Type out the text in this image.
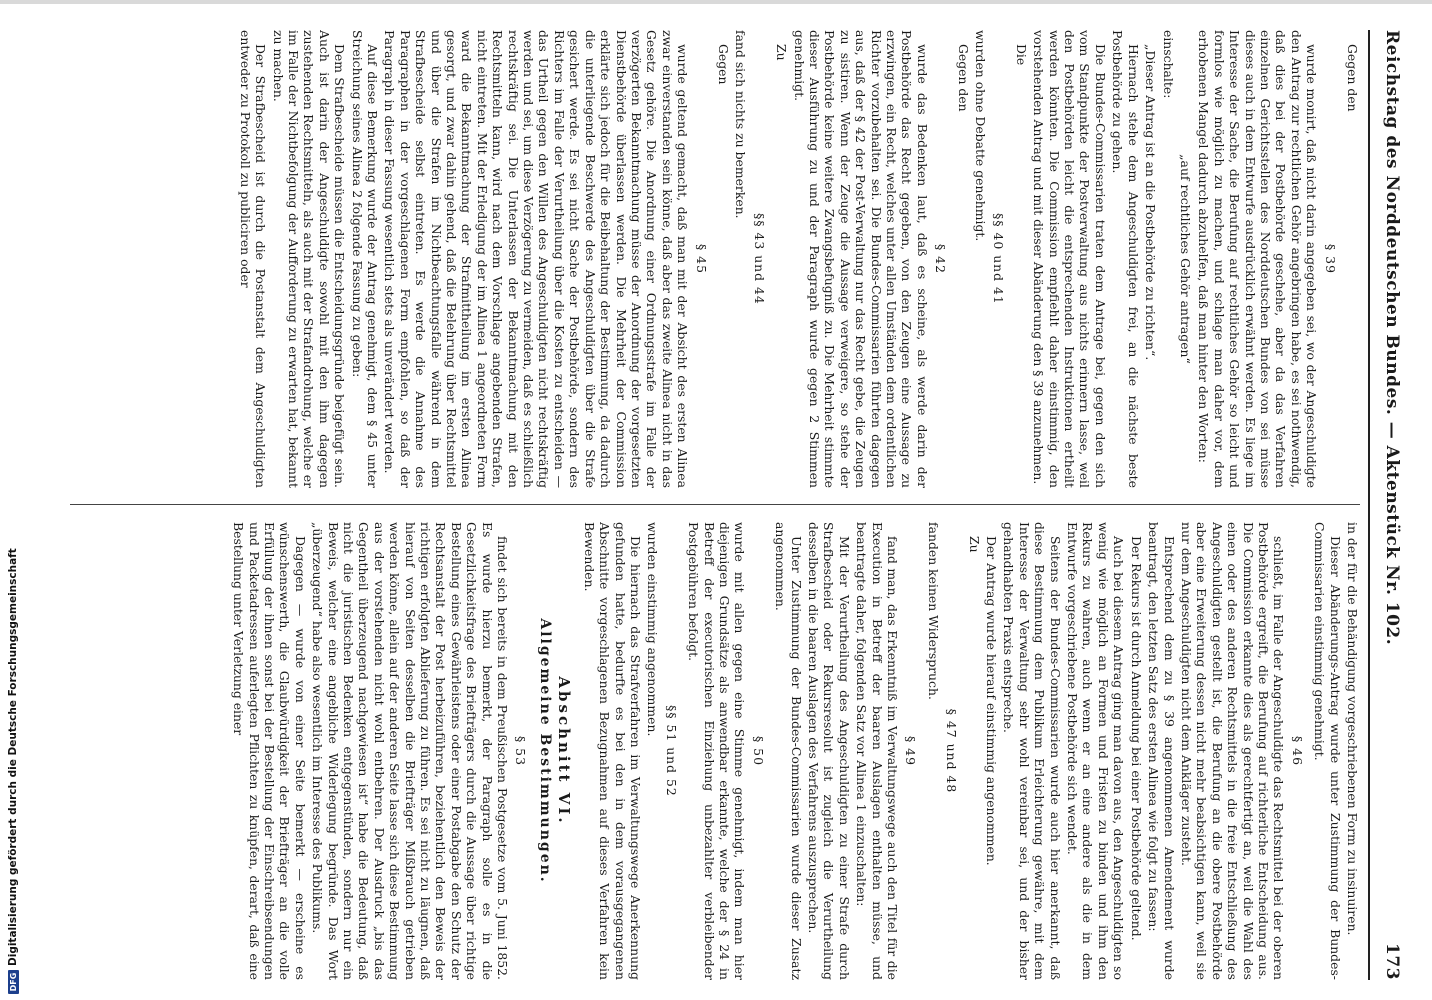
Reichstag des Norddeutschen Bundes. — Aktenstück Nr. 102.
173

Gegen den

§ 39

wurde monirt, daß nicht darin angegeben sei, wo der Angeschuldigte den Antrag zur rechtlichen Gehör angebringen habe, es sei nothwendig, daß dies bei der Postbehörde geschehe, aber da das Verfahren einzelnen Gerichtsstellen des Norddeutschen Bundes von sei müsse dieses auch in dem Entwurfe ausdrücklich erwähnt werden. Es liege im Interesse der Sache, die Berufung auf rechtliches Gehör so leicht und formlos wie möglich zu machen, und schlage man daher vor, dem erhobenen Mangel dadurch abzuhelfen, daß man hinter den Worten:

„auf rechtliches Gehör antragen“

einschalte:

„Dieser Antrag ist an die Postbehörde zu richten“.

Hiernach stehe dem Angeschuldigten frei, an die nächste beste Postbehörde zu gehen.

Die Bundes-Commissarien traten dem Antrage bei, gegen den sich vom Standpunkte der Postverwaltung aus nichts erinnern lasse, weil den Postbehörden leicht die entsprechenden Instruktionen ertheilt werden könnten. Die Commission empfiehlt daher einstimmig, den vorstehenden Antrag und mit dieser Abänderung den § 39 anzunehmen.

Die

§§ 40 und 41

wurden ohne Debatte genehmigt.

Gegen den

§ 42

wurde das Bedenken laut, daß es scheine, als werde darin der Postbehörde das Recht gegeben, von den Zeugen eine Aussage zu erzwingen, ein Recht, welches unter allen Umständen dem ordentlichen Richter vorzubehalten sei. Die Bundes-Commissarien führten dagegen aus, daß der § 42 der Post-Verwaltung nur das Recht gebe, die Zeugen zu sistiren. Wenn der Zeuge die Aussage verweigere, so stehe der Postbehörde keine weitere Zwangsbefugniß zu. Die Mehrheit stimmte dieser Ausführung zu und der Paragraph wurde gegen 2 Stimmen genehmigt.

Zu

§§ 43 und 44

fand sich nichts zu bemerken.

Gegen

§ 45

wurde geltend gemacht, daß man mit der Absicht des ersten Alinea zwar einverstanden sein könne, daß aber das zweite Alinea nicht in das Gesetz gehöre. Die Anordnung einer Ordnungsstrafe im Falle der verzögerten Bekanntmachung müsse der Anordnung der vorgesetzten Dienstbehörde überlassen werden. Die Mehrheit der Commission erklärte sich jedoch für die Beibehaltung der Bestimmung, da dadurch die unterliegende Beschwerde des Angeschuldigten über die Strafe gesichert werde. Es sei nicht Sache der Postbehörde, sondern des Richters im Falle der Verurtheilung über die Kosten zu entscheiden — das Urtheil gegen den Willen des Angeschuldigten nicht rechtskräftig werden und sei, um diese Verzögerung zu vermeiden, daß es schließlich rechtskräftig sei. Die Unterlassen der Bekanntmachung mit den Rechtsmitteln kann, wird nach dem Vorschlage angebenden Strafen, nicht eintreten. Mit der Erledigung der im Alinea 1 angeordneten Form ward die Bekanntmachung der Strafmittheilung im ersten Alinea gesorgt, und zwar dahin gehend, daß die Belehrung über Rechtsmittel und über die Strafen im Nichtbeachtungsfalle während in dem Strafbescheide selbst eintreten. Es werde die Annahme des Paragraphen in der vorgeschlagenen Form empfohlen, so daß der Paragraph in dieser Fassung wesentlich stets als unverändert werden.

Auf diese Bemerkung wurde der Antrag genehmigt, dem § 45 unter Streichung seines Alinea 2 folgende Fassung zu geben:

Dem Strafbescheide müssen die Entscheidungsgründe beigefügt sein. Auch ist darin der Angeschuldigte sowohl mit den ihm dagegen zustehenden Rechtsmitteln, als auch mit der Strafandrohung, welche er im Falle der Nichtbefolgung der Aufforderung zu erwarten hat, bekannt zu machen.

Der Strafbescheid ist durch die Postanstalt dem Angeschuldigten entweder zu Protokoll zu publiciren oder

in der für die Behändigung vorgeschriebenen Form zu insinuiren.

Dieser Abänderungs-Antrag wurde unter Zustimmung der Bundes-Commissarien einstimmig genehmigt.

§ 46

schließt, im Falle der Angeschuldigte das Rechtsmittel bei der oberen Postbehörde ergreift, die Berufung auf richterliche Entscheidung aus. Die Commission erkannte dies als gerechtfertigt an, weil die Wahl des einen oder des anderen Rechtsmittels in die freie Entschließung des Angeschuldigten gestellt ist, die Berufung an die obere Postbehörde aber eine Erweiterung dessen nicht mehr beabsichtigen kann, weil sie nur dem Angeschuldigten nicht dem Ankläger zusteht.

Entsprechend dem zu § 39 angenommenen Amendement wurde beantragt, den letzten Satz des ersten Alinea wie folgt zu fassen:

Der Rekurs ist durch Anmeldung bei einer Postbehörde geltend.

Auch bei diesem Antrag ging man davon aus, den Angeschuldigten so wenig wie möglich an Formen und Fristen zu binden und ihm den Rekurs zu wahren, auch wenn er an eine andere als die in dem Entwurfe vorgeschriebene Postbehörde sich wendet.

Seitens der Bundes-Commissarien wurde auch hier anerkannt, daß diese Bestimmung dem Publikum Erleichterung gewähre, mit dem Interesse der Verwaltung sehr wohl vereinbar sei, und der bisher gehandhabten Praxis entspreche.

Der Antrag wurde hierauf einstimmig angenommen.

Zu

§ 47 und 48

fanden keinen Widerspruch.

§ 49

fand man, das Erkenntniß im Verwaltungswege auch den Titel für die Execution in Betreff der baaren Auslagen enthalten müsse, und beantragte daher, folgenden Satz vor Alinea 1 einzuschalten:

Mit der Verurtheilung des Angeschuldigten zu einer Strafe durch Strafbescheid oder Rekursresolut ist zugleich die Verurtheilung desselben in die baaren Auslagen des Verfahrens auszusprechen.

Unter Zustimmung der Bundes-Commissarien wurde dieser Zusatz angenommen.

§ 50

wurde mit allen gegen eine Stimme genehmigt, indem man hier diejenigen Grundsätze als anwendbar erkannte, welche der § 24 in Betreff der executorischen Einziehung unbezahlter verbleibender Postgebühren befolgt.

§§ 51 und 52

wurden einstimmig angenommen.

Die hiernach das Strafverfahren im Verwaltungswege Anerkennung gefunden hatte, bedurfte es bei den in dem vorausgegangenen Abschnitte vorgeschlagenen Bezugnahmen auf dieses Verfahren kein Bewenden.

Abschnitt VI.

Allgemeine Bestimmungen.

§ 53

findet sich bereits in dem Preußischen Postgesetze vom 5. Juni 1852. Es wurde hierzu bemerkt, der Paragraph solle es in die Gesetzlichkeitsfrage des Briefträgers durch die Aussage über richtige Bestellung eines Gewährleistens oder einer Postabgabe den Schutz der Rechtsanstalt der Post herbeizuführen, beziehentlich den Beweis der richtigen erfolgten Ablieferung zu führen. Es sei nicht zu läugnen, daß hierauf von Seiten desselben die Briefträger Mißbrauch getrieben werden könne, allein auf der anderen Seite lasse sich diese Bestimmung aus der vorstehenden nicht wohl entbehren. Der Ausdruck „bis das Gegentheil überzeugend nachgewiesen ist“ habe die Bedeutung, daß nicht die juristischen Bedenken entgegenstünden, sondern nur ein Beweis, welcher eine angebliche Widerlegung begründe. Das Wort „überzeugend“ habe also wesentlich im Interesse des Publikums.

Dagegen — wurde von einer Seite bemerkt — erscheine es wünschenswerth, die Glaubwürdigkeit der Briefträger an die volle Erfüllung der ihnen sonst bei der Bestellung der Einschreibsendungen und Packetadressen auferlegten Pflichten zu knüpfen, derart, daß eine Bestellung unter Verletzung einer

DFGDigitalisierung gefördert durch die Deutsche Forschungsgemeinschaft
